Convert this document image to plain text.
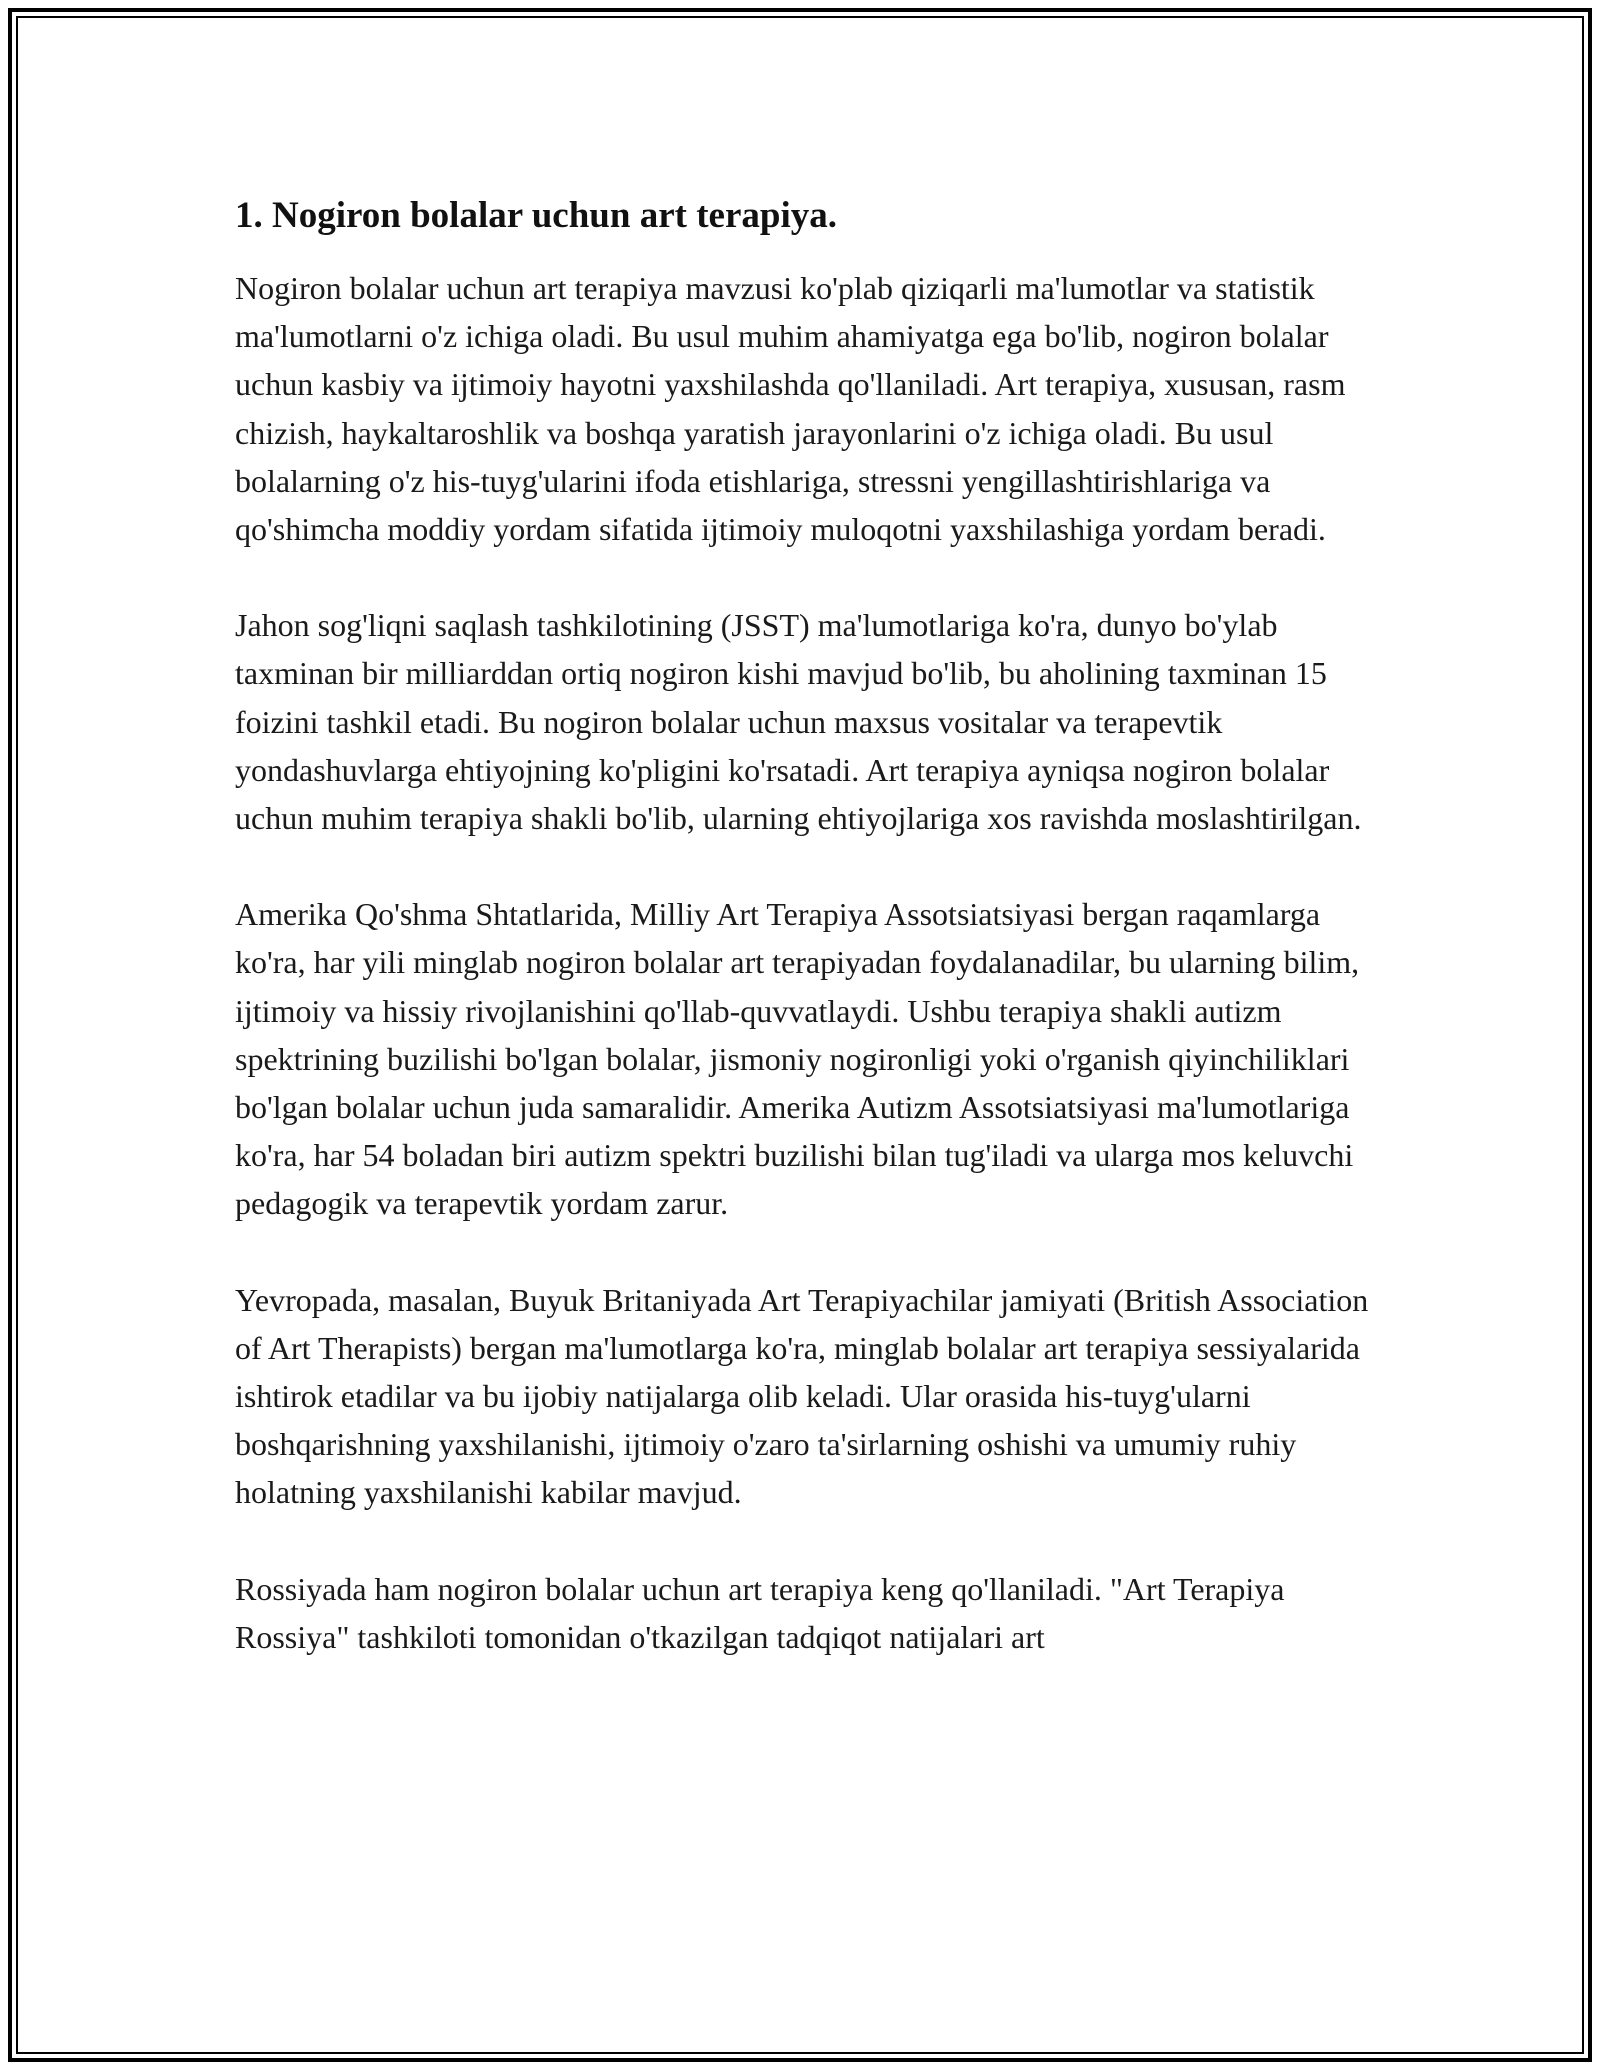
1. Nogiron bolalar uchun art terapiya.

Nogiron bolalar uchun art terapiya mavzusi ko'plab qiziqarli ma'lumotlar va statistik ma'lumotlarni o'z ichiga oladi. Bu usul muhim ahamiyatga ega bo'lib, nogiron bolalar uchun kasbiy va ijtimoiy hayotni yaxshilashda qo'llaniladi. Art terapiya, xususan, rasm chizish, haykaltaroshlik va boshqa yaratish jarayonlarini o'z ichiga oladi. Bu usul bolalarning o'z his-tuyg'ularini ifoda etishlariga, stressni yengillashtirishlariga va qo'shimcha moddiy yordam sifatida ijtimoiy muloqotni yaxshilashiga yordam beradi.

Jahon sog'liqni saqlash tashkilotining (JSST) ma'lumotlariga ko'ra, dunyo bo'ylab taxminan bir milliarddan ortiq nogiron kishi mavjud bo'lib, bu aholining taxminan 15 foizini tashkil etadi. Bu nogiron bolalar uchun maxsus vositalar va terapevtik yondashuvlarga ehtiyojning ko'pligini ko'rsatadi. Art terapiya ayniqsa nogiron bolalar uchun muhim terapiya shakli bo'lib, ularning ehtiyojlariga xos ravishda moslashtirilgan.

Amerika Qo'shma Shtatlarida, Milliy Art Terapiya Assotsiatsiyasi bergan raqamlarga ko'ra, har yili minglab nogiron bolalar art terapiyadan foydalanadilar, bu ularning bilim, ijtimoiy va hissiy rivojlanishini qo'llab-quvvatlaydi. Ushbu terapiya shakli autizm spektrining buzilishi bo'lgan bolalar, jismoniy nogironligi yoki o'rganish qiyinchiliklari bo'lgan bolalar uchun juda samaralidir. Amerika Autizm Assotsiatsiyasi ma'lumotlariga ko'ra, har 54 boladan biri autizm spektri buzilishi bilan tug'iladi va ularga mos keluvchi pedagogik va terapevtik yordam zarur.

Yevropada, masalan, Buyuk Britaniyada Art Terapiyachilar jamiyati (British Association of Art Therapists) bergan ma'lumotlarga ko'ra, minglab bolalar art terapiya sessiyalarida ishtirok etadilar va bu ijobiy natijalarga olib keladi. Ular orasida his-tuyg'ularni boshqarishning yaxshilanishi, ijtimoiy o'zaro ta'sirlarning oshishi va umumiy ruhiy holatning yaxshilanishi kabilar mavjud.

Rossiyada ham nogiron bolalar uchun art terapiya keng qo'llaniladi. "Art Terapiya Rossiya" tashkiloti tomonidan o'tkazilgan tadqiqot natijalari art
